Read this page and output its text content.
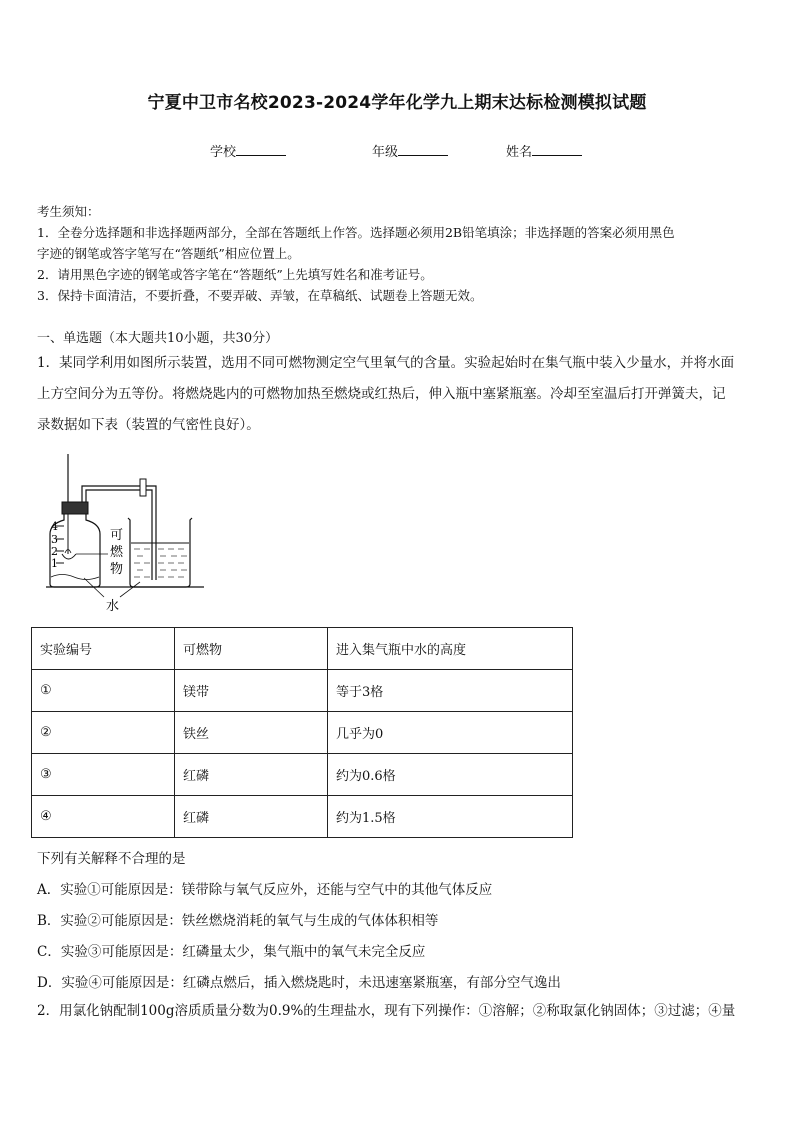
宁夏中卫市名校2023-2024学年化学九上期末达标检测模拟试题
学校	年级	姓名
考生须知：
1．全卷分选择题和非选择题两部分，全部在答题纸上作答。选择题必须用2B铅笔填涂；非选择题的答案必须用黑色
字迹的钢笔或答字笔写在“答题纸”相应位置上。
2．请用黑色字迹的钢笔或答字笔在“答题纸”上先填写姓名和准考证号。
3．保持卡面清洁，不要折叠，不要弄破、弄皱，在草稿纸、试题卷上答题无效。
一、单选题（本大题共10小题，共30分）
1．某同学利用如图所示装置，选用不同可燃物测定空气里氧气的含量。实验起始时在集气瓶中装入少量水，并将水面
上方空间分为五等份。将燃烧匙内的可燃物加热至燃烧或红热后，伸入瓶中塞紧瓶塞。冷却至室温后打开弹簧夫，记
录数据如下表（装置的气密性良好）。
4
3
2
1
可
燃
物
水
实验编号	可燃物	进入集气瓶中水的高度
①	镁带	等于3格
②	铁丝	几乎为0
③	红磷	约为0.6格
④	红磷	约为1.5格
下列有关解释不合理的是
A．实验①可能原因是：镁带除与氧气反应外，还能与空气中的其他气体反应
B．实验②可能原因是：铁丝燃烧消耗的氧气与生成的气体体积相等
C．实验③可能原因是：红磷量太少，集气瓶中的氧气未完全反应
D．实验④可能原因是：红磷点燃后，插入燃烧匙时，未迅速塞紧瓶塞，有部分空气逸出
2．用氯化钠配制100g溶质质量分数为0.9%的生理盐水，现有下列操作：①溶解；②称取氯化钠固体；③过滤；④量
